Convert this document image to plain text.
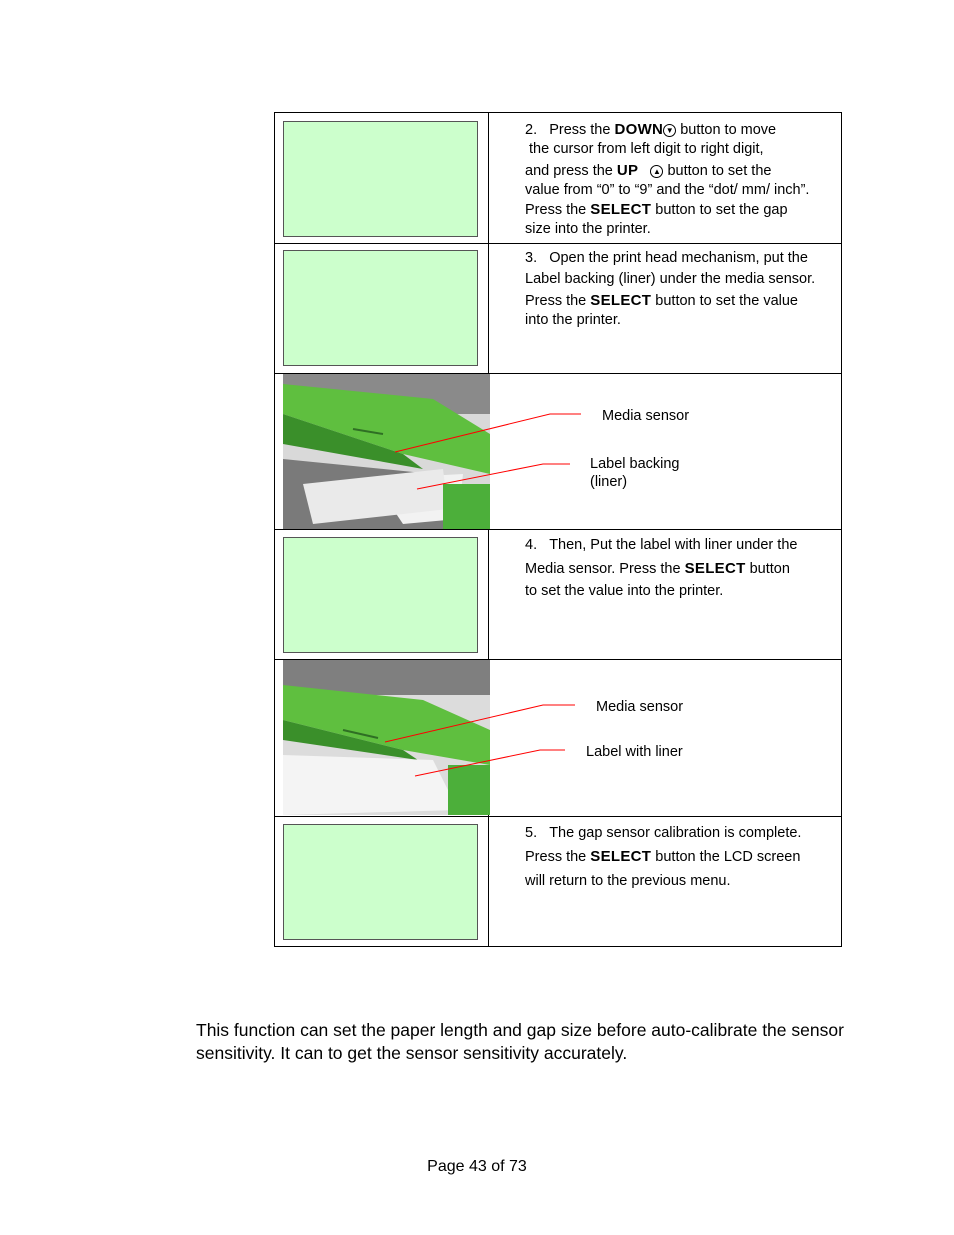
2. Press the DOWN ▼ button to move
the cursor from left digit to right digit,
and press the UP ▲ button to set the
value from “0” to “9” and the “dot/ mm/ inch”.
Press the SELECT button to set the gap
size into the printer.
3. Open the print head mechanism, put the
Label backing (liner) under the media sensor.
Press the SELECT button to set the value
into the printer.
Media sensor
Label backing
(liner)
4. Then, Put the label with liner under the
Media sensor. Press the SELECT button
to set the value into the printer.
Media sensor
Label with liner
5. The gap sensor calibration is complete.
Press the SELECT button the LCD screen
will return to the previous menu.
This function can set the paper length and gap size before auto-calibrate the sensor sensitivity. It can to get the sensor sensitivity accurately.
Page 43 of 73
